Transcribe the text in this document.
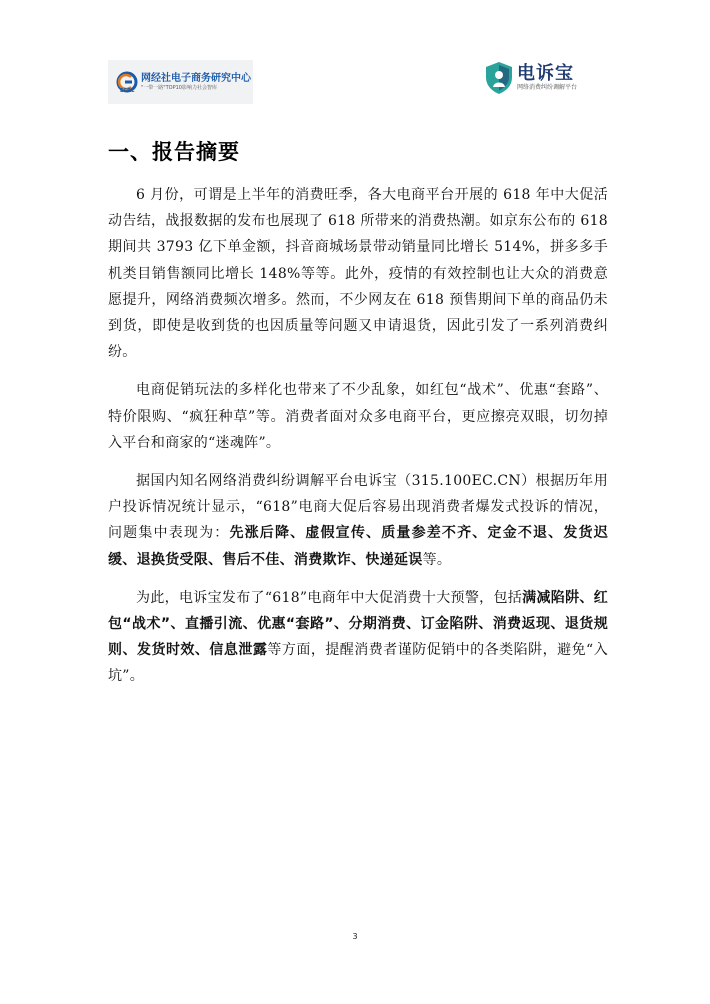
网经社电子商务研究中心
"一带一路"TOP10影响力社会智库
ECRC
电诉宝
网络消费纠纷调解平台
一、报告摘要

6 月份，可谓是上半年的消费旺季，各大电商平台开展的 618 年中大促活动告结，战报数据的发布也展现了 618 所带来的消费热潮。如京东公布的 618 期间共 3793 亿下单金额，抖音商城场景带动销量同比增长 514%，拼多多手机类目销售额同比增长 148%等等。此外，疫情的有效控制也让大众的消费意愿提升，网络消费频次增多。然而，不少网友在 618 预售期间下单的商品仍未到货，即使是收到货的也因质量等问题又申请退货，因此引发了一系列消费纠纷。

电商促销玩法的多样化也带来了不少乱象，如红包“战术”、优惠“套路”、特价限购、“疯狂种草”等。消费者面对众多电商平台，更应擦亮双眼，切勿掉入平台和商家的“迷魂阵”。

据国内知名网络消费纠纷调解平台电诉宝（315.100EC.CN）根据历年用户投诉情况统计显示，“618”电商大促后容易出现消费者爆发式投诉的情况，问题集中表现为：先涨后降、虚假宣传、质量参差不齐、定金不退、发货迟缓、退换货受限、售后不佳、消费欺诈、快递延误等。

为此，电诉宝发布了“618”电商年中大促消费十大预警，包括满减陷阱、红包“战术”、直播引流、优惠“套路”、分期消费、订金陷阱、消费返现、退货规则、发货时效、信息泄露等方面，提醒消费者谨防促销中的各类陷阱，避免“入坑”。

3
